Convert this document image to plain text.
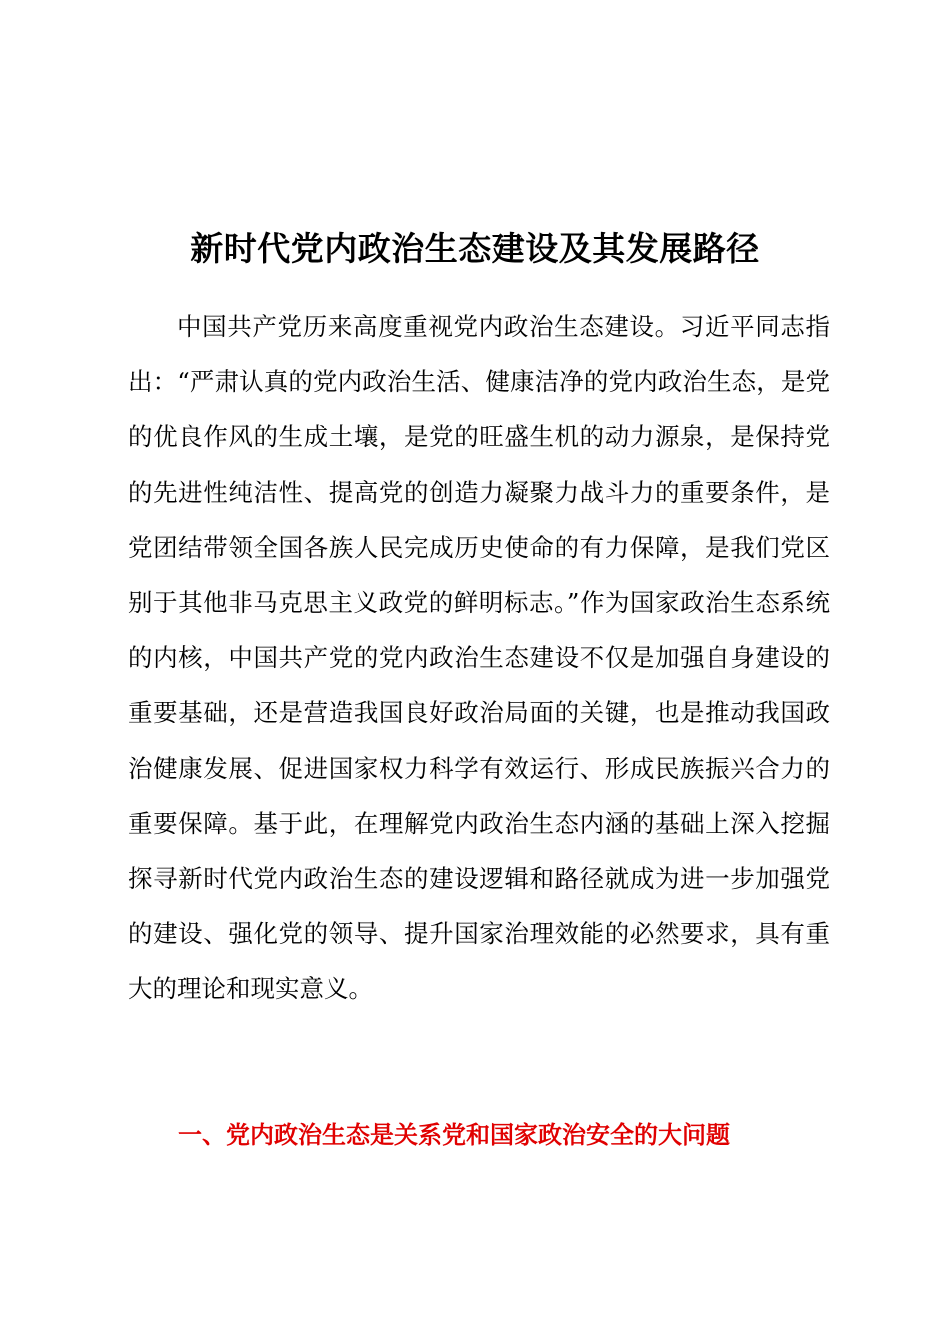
新时代党内政治生态建设及其发展路径

中国共产党历来高度重视党内政治生态建设。习近平同志指出：“严肃认真的党内政治生活、健康洁净的党内政治生态，是党的优良作风的生成土壤，是党的旺盛生机的动力源泉，是保持党的先进性纯洁性、提高党的创造力凝聚力战斗力的重要条件，是党团结带领全国各族人民完成历史使命的有力保障，是我们党区别于其他非马克思主义政党的鲜明标志。”作为国家政治生态系统的内核，中国共产党的党内政治生态建设不仅是加强自身建设的重要基础，还是营造我国良好政治局面的关键，也是推动我国政治健康发展、促进国家权力科学有效运行、形成民族振兴合力的重要保障。基于此，在理解党内政治生态内涵的基础上深入挖掘探寻新时代党内政治生态的建设逻辑和路径就成为进一步加强党的建设、强化党的领导、提升国家治理效能的必然要求，具有重大的理论和现实意义。

一、党内政治生态是关系党和国家政治安全的大问题
